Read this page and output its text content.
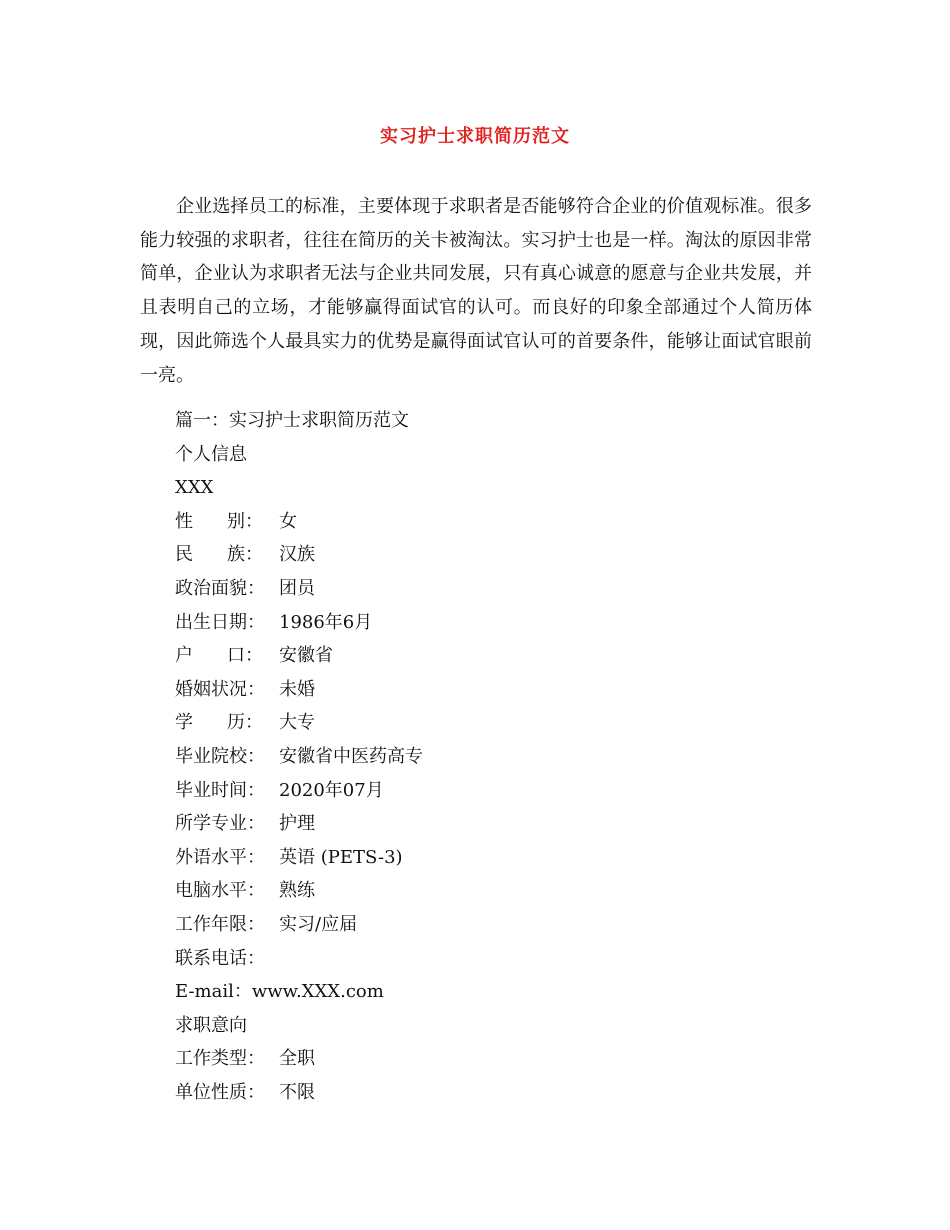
实习护士求职简历范文

企业选择员工的标准，主要体现于求职者是否能够符合企业的价值观标准。很多能力较强的求职者，往往在简历的关卡被淘汰。实习护士也是一样。淘汰的原因非常简单，企业认为求职者无法与企业共同发展，只有真心诚意的愿意与企业共发展，并且表明自己的立场，才能够赢得面试官的认可。而良好的印象全部通过个人简历体现，因此筛选个人最具实力的优势是赢得面试官认可的首要条件，能够让面试官眼前一亮。

篇一：实习护士求职简历范文
个人信息
XXX
性 别： 女
民 族： 汉族
政治面貌： 团员
出生日期： 1986年6月
户 口： 安徽省
婚姻状况： 未婚
学 历： 大专
毕业院校： 安徽省中医药高专
毕业时间： 2020年07月
所学专业： 护理
外语水平： 英语 (PETS-3)
电脑水平： 熟练
工作年限： 实习/应届
联系电话：
E-mail：www.XXX.com
求职意向
工作类型： 全职
单位性质： 不限
